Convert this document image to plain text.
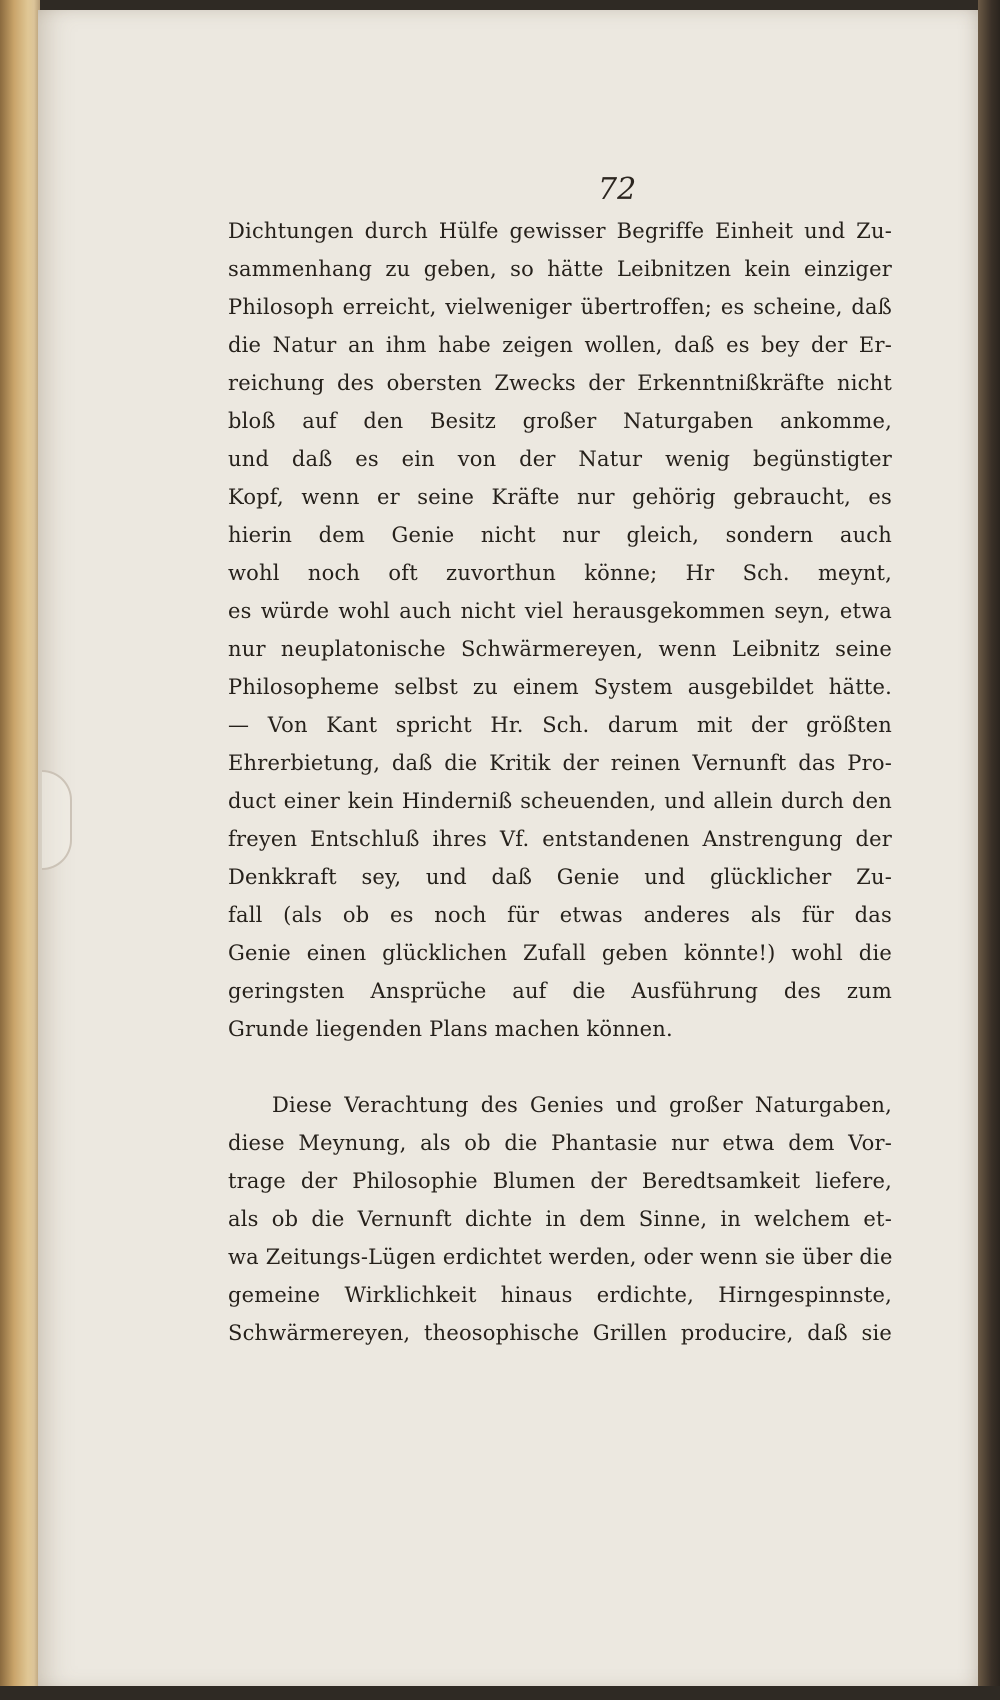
72
Dichtungen durch Hülfe gewisser Begriffe Einheit und Zu-
sammenhang zu geben, so hätte Leibnitzen kein einziger
Philosoph erreicht, vielweniger übertroffen; es scheine, daß
die Natur an ihm habe zeigen wollen, daß es bey der Er-
reichung des obersten Zwecks der Erkenntnißkräfte nicht
bloß auf den Besitz großer Naturgaben ankomme,
und daß es ein von der Natur wenig begünstigter
Kopf, wenn er seine Kräfte nur gehörig gebraucht, es
hierin dem Genie nicht nur gleich, sondern auch
wohl noch oft zuvorthun könne; Hr Sch. meynt,
es würde wohl auch nicht viel herausgekommen seyn, etwa
nur neuplatonische Schwärmereyen, wenn Leibnitz seine
Philosopheme selbst zu einem System ausgebildet hätte.
— Von Kant spricht Hr. Sch. darum mit der größten
Ehrerbietung, daß die Kritik der reinen Vernunft das Pro-
duct einer kein Hinderniß scheuenden, und allein durch den
freyen Entschluß ihres Vf. entstandenen Anstrengung der
Denkkraft sey, und daß Genie und glücklicher Zu-
fall (als ob es noch für etwas anderes als für das
Genie einen glücklichen Zufall geben könnte!) wohl die
geringsten Ansprüche auf die Ausführung des zum
Grunde liegenden Plans machen können.
Diese Verachtung des Genies und großer Naturgaben,
diese Meynung, als ob die Phantasie nur etwa dem Vor-
trage der Philosophie Blumen der Beredtsamkeit liefere,
als ob die Vernunft dichte in dem Sinne, in welchem et-
wa Zeitungs-Lügen erdichtet werden, oder wenn sie über die
gemeine Wirklichkeit hinaus erdichte, Hirngespinnste,
Schwärmereyen, theosophische Grillen producire, daß sie
